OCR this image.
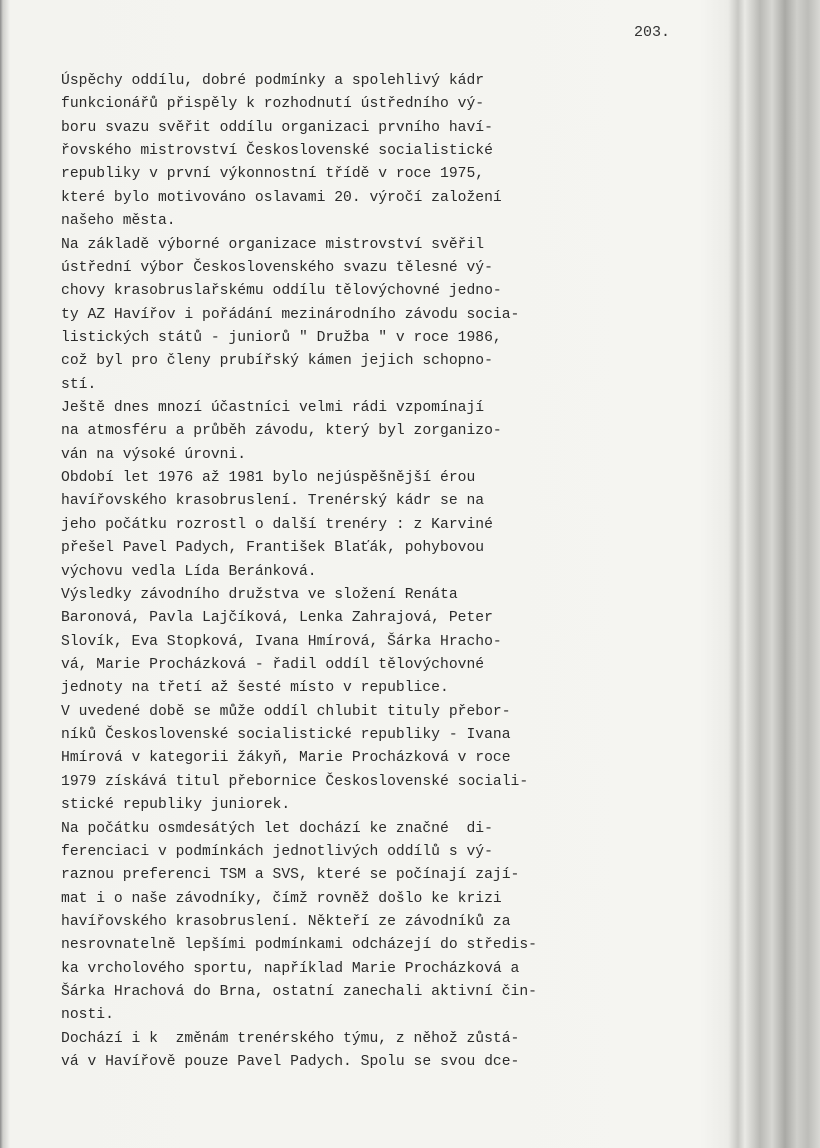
203.
Úspěchy oddílu, dobré podmínky a spolehlivý kádr
funkcionářů přispěly k rozhodnutí ústředního vý-
boru svazu svěřit oddílu organizaci prvního haví-
řovského mistrovství Československé socialistické
republiky v první výkonnostní třídě v roce 1975,
které bylo motivováno oslavami 20. výročí založení
našeho města.
Na základě výborné organizace mistrovství svěřil
ústřední výbor Československého svazu tělesné vý-
chovy krasobruslařskému oddílu tělovýchovné jedno-
ty AZ Havířov i pořádání mezinárodního závodu socia-
listických států - juniorů " Družba " v roce 1986,
což byl pro členy prubířský kámen jejich schopno-
stí.
Ještě dnes mnozí účastníci velmi rádi vzpomínají
na atmosféru a průběh závodu, který byl zorganizo-
ván na výsoké úrovni.
Období let 1976 až 1981 bylo nejúspěšnější érou
havířovského krasobruslení. Trenérský kádr se na
jeho počátku rozrostl o další trenéry : z Karviné
přešel Pavel Padych, František Blaťák, pohybovou
výchovu vedla Lída Beránková.
Výsledky závodního družstva ve složení Renáta
Baronová, Pavla Lajčíková, Lenka Zahrajová, Peter
Slovík, Eva Stopková, Ivana Hmírová, Šárka Hracho-
vá, Marie Procházková - řadil oddíl tělovýchovné
jednoty na třetí až šesté místo v republice.
V uvedené době se může oddíl chlubit tituly přebor-
níků Československé socialistické republiky - Ivana
Hmírová v kategorii žákyň, Marie Procházková v roce
1979 získává titul přebornice Československé sociali-
stické republiky juniorek.
Na počátku osmdesátých let dochází ke značné  di-
ferenciaci v podmínkách jednotlivých oddílů s vý-
raznou preferenci TSM a SVS, které se počínají zají-
mat i o naše závodníky, čímž rovněž došlo ke krizi
havířovského krasobruslení. Někteří ze závodníků za
nesrovnatelně lepšími podmínkami odcházejí do středis-
ka vrcholového sportu, například Marie Procházková a
Šárka Hrachová do Brna, ostatní zanechali aktivní čin-
nosti.
Dochází i k  změnám trenérského týmu, z něhož zůstá-
vá v Havířově pouze Pavel Padych. Spolu se svou dce-
